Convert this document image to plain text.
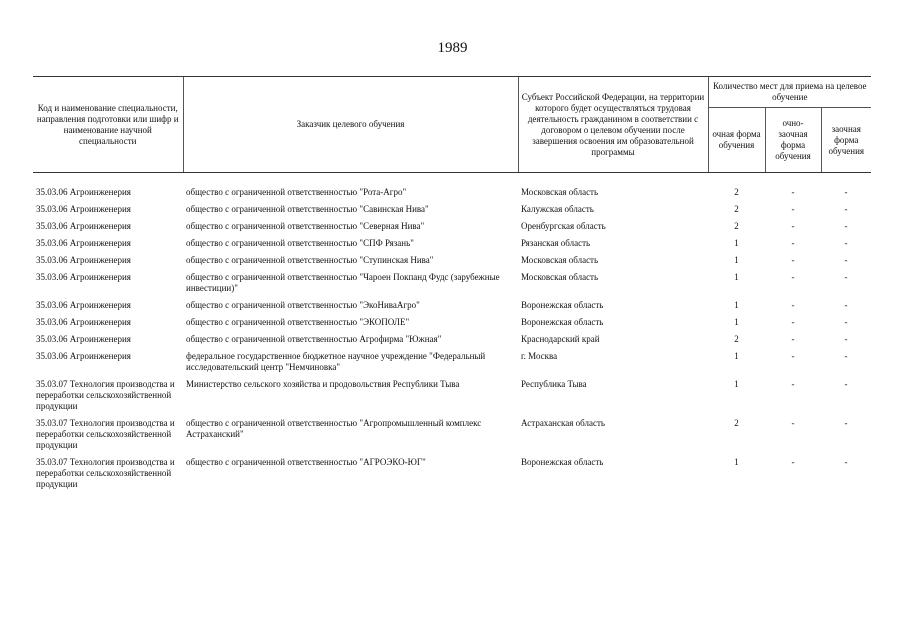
1989
Код и наименование специальности, направления подготовки или шифр и наименование научной специальности	Заказчик целевого обучения	Субъект Российской Федерации, на территории которого будет осуществляться трудовая деятельность гражданином в соответствии с договором о целевом обучении после завершения освоения им образовательной программы	Количество мест для приема на целевое обучение		
			очная форма обучения	очно-заочная форма обучения	заочная форма обучения

35.03.06 Агроинженерия	общество с ограниченной ответственностью "Рота-Агро"	Московская область	2	-	-
35.03.06 Агроинженерия	общество с ограниченной ответственностью "Савинская Нива"	Калужская область	2	-	-
35.03.06 Агроинженерия	общество с ограниченной ответственностью "Северная Нива"	Оренбургская область	2	-	-
35.03.06 Агроинженерия	общество с ограниченной ответственностью "СПФ Рязань"	Рязанская область	1	-	-
35.03.06 Агроинженерия	общество с ограниченной ответственностью "Ступинская Нива"	Московская область	1	-	-
35.03.06 Агроинженерия	общество с ограниченной ответственностью "Чароен Покпанд Фудс (зарубежные инвестиции)"	Московская область	1	-	-
35.03.06 Агроинженерия	общество с ограниченной ответственностью "ЭкоНиваАгро"	Воронежская область	1	-	-
35.03.06 Агроинженерия	общество с ограниченной ответственностью "ЭКОПОЛЕ"	Воронежская область	1	-	-
35.03.06 Агроинженерия	общество с ограниченной ответственностью Агрофирма "Южная"	Краснодарский край	2	-	-
35.03.06 Агроинженерия	федеральное государственное бюджетное научное учреждение "Федеральный исследовательский центр "Немчиновка"	г. Москва	1	-	-
35.03.07 Технология производства и переработки сельскохозяйственной продукции	Министерство сельского хозяйства и продовольствия Республики Тыва	Республика Тыва	1	-	-
35.03.07 Технология производства и переработки сельскохозяйственной продукции	общество с ограниченной ответственностью "Агропромышленный комплекс Астраханский"	Астраханская область	2	-	-
35.03.07 Технология производства и переработки сельскохозяйственной продукции	общество с ограниченной ответственностью "АГРОЭКО-ЮГ"	Воронежская область	1	-	-
